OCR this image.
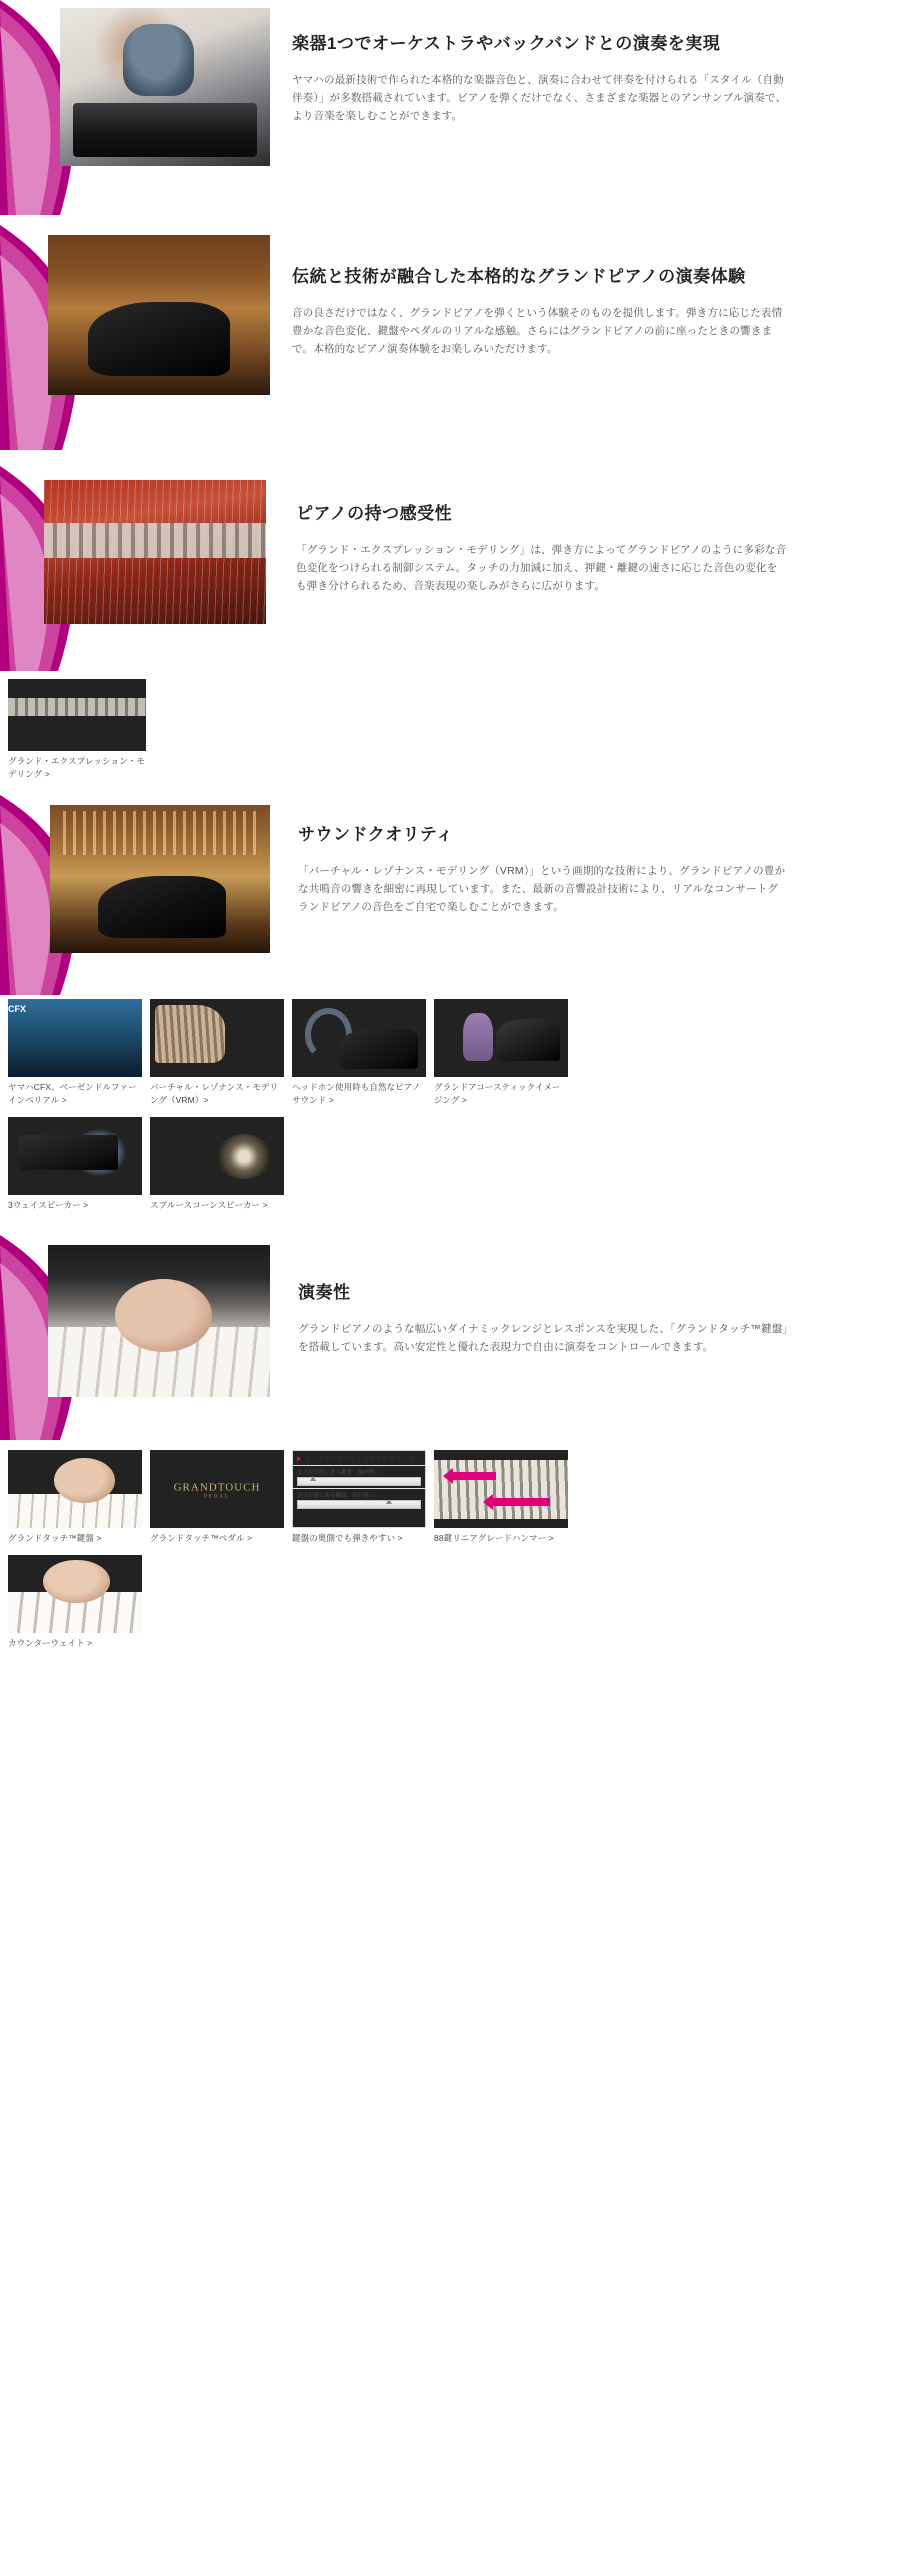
楽器1つでオーケストラやバックバンドとの演奏を実現

ヤマハの最新技術で作られた本格的な楽器音色と、演奏に合わせて伴奏を付けられる「スタイル（自動伴奏）」が多数搭載されています。ピアノを弾くだけでなく、さまざまな楽器とのアンサンブル演奏で、より音楽を楽しむことができます。

伝統と技術が融合した本格的なグランドピアノの演奏体験

音の良さだけではなく、グランドピアノを弾くという体験そのものを提供します。弾き方に応じた表情豊かな音色変化、鍵盤やペダルのリアルな感触。さらにはグランドピアノの前に座ったときの響きまで。本格的なピアノ演奏体験をお楽しみいただけます。

ピアノの持つ感受性

「グランド・エクスプレッション・モデリング」は、弾き方によってグランドピアノのように多彩な音色変化をつけられる制御システム。タッチの力加減に加え、押鍵・離鍵の速さに応じた音色の変化をも弾き分けられるため、音楽表現の楽しみがさらに広がります。

グランド・エクスプレッション・モデリング >
サウンドクオリティ

「バーチャル・レゾナンス・モデリング（VRM）」という画期的な技術により、グランドピアノの豊かな共鳴音の響きを細密に再現しています。また、最新の音響設計技術により、リアルなコンサートグランドピアノの音色をご自宅で楽しむことができます。

CFX
ヤマハCFX、ベーゼンドルファーインペリアル >
バーチャル・レゾナンス・モデリング（VRM）>
ヘッドホン使用時も自然なピアノサウンド >
グランドアコースティックイメージング >
3ウェイスピーカー >	スプルースコーンスピーカー >
演奏性

グランドピアノのような幅広いダイナミックレンジとレスポンスを実現した、「グランドタッチ™鍵盤」を搭載しています。高い安定性と優れた表現力で自由に演奏をコントロールできます。

グランドタッチ™鍵盤 >
GRANDTOUCH
PEDAL
グランドタッチ™ペダル >
支点までの長さによる弾きやすさの違い
支点が手前にある鍵盤：指が軽い
支点が奥にある鍵盤：指が重い
鍵盤の奥側でも弾きやすい >	88鍵リニアグレードハンマー >
カウンターウェイト >
